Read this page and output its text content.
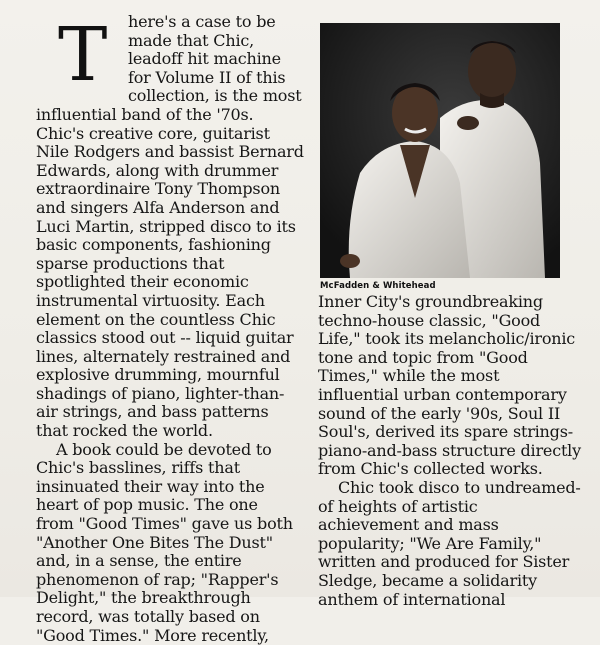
T	here's a case to be
made that Chic,
leadoff hit machine
for Volume II of this
collection, is the most
influential band of the '70s.
Chic's creative core, guitarist
Nile Rodgers and bassist Bernard
Edwards, along with drummer
extraordinaire Tony Thompson
and singers Alfa Anderson and
Luci Martin, stripped disco to its
basic components, fashioning
sparse productions that
spotlighted their economic
instrumental virtuosity. Each
element on the countless Chic
classics stood out -- liquid guitar
lines, alternately restrained and
explosive drumming, mournful
shadings of piano, lighter-than-
air strings, and bass patterns
that rocked the world.
A book could be devoted to
Chic's basslines, riffs that
insinuated their way into the
heart of pop music. The one
from "Good Times" gave us both
"Another One Bites The Dust"
and, in a sense, the entire
phenomenon of rap; "Rapper's
Delight," the breakthrough
record, was totally based on
"Good Times." More recently,
McFadden & Whitehead
Inner City's groundbreaking
techno-house classic, "Good
Life," took its melancholic/ironic
tone and topic from "Good
Times," while the most
influential urban contemporary
sound of the early '90s, Soul II
Soul's, derived its spare strings-
piano-and-bass structure directly
from Chic's collected works.
Chic took disco to undreamed-
of heights of artistic
achievement and mass
popularity; "We Are Family,"
written and produced for Sister
Sledge, became a solidarity
anthem of international
